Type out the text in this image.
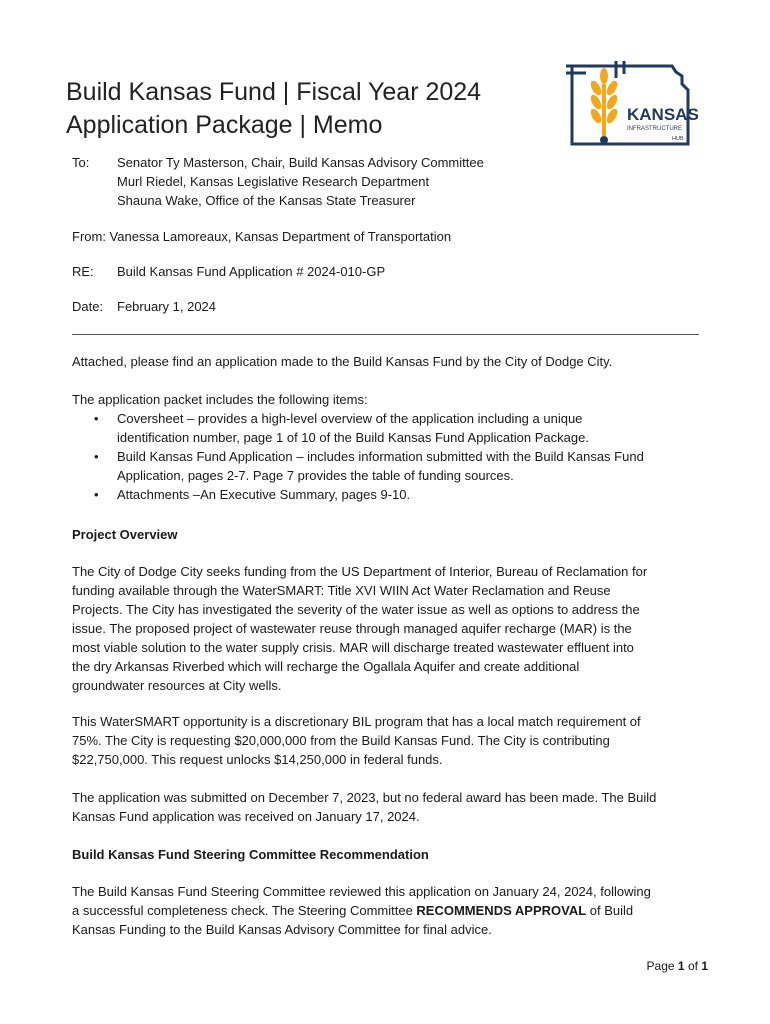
Build Kansas Fund | Fiscal Year 2024
Application Package | Memo	KANSAS
INFRASTRUCTURE
HUB
To: Senator Ty Masterson, Chair, Build Kansas Advisory Committee
Murl Riedel, Kansas Legislative Research Department
Shauna Wake, Office of the Kansas State Treasurer
From: Vanessa Lamoreaux, Kansas Department of Transportation
RE: Build Kansas Fund Application # 2024-010-GP
Date: February 1, 2024

Attached, please find an application made to the Build Kansas Fund by the City of Dodge City.

The application packet includes the following items:

• Coversheet – provides a high-level overview of the application including a unique
identification number, page 1 of 10 of the Build Kansas Fund Application Package.
• Build Kansas Fund Application – includes information submitted with the Build Kansas Fund
Application, pages 2-7. Page 7 provides the table of funding sources.
• Attachments –An Executive Summary, pages 9-10.
Project Overview
The City of Dodge City seeks funding from the US Department of Interior, Bureau of Reclamation for
funding available through the WaterSMART: Title XVI WIIN Act Water Reclamation and Reuse
Projects. The City has investigated the severity of the water issue as well as options to address the
issue. The proposed project of wastewater reuse through managed aquifer recharge (MAR) is the
most viable solution to the water supply crisis. MAR will discharge treated wastewater effluent into
the dry Arkansas Riverbed which will recharge the Ogallala Aquifer and create additional
groundwater resources at City wells.
This WaterSMART opportunity is a discretionary BIL program that has a local match requirement of
75%. The City is requesting $20,000,000 from the Build Kansas Fund. The City is contributing
$22,750,000. This request unlocks $14,250,000 in federal funds.
The application was submitted on December 7, 2023, but no federal award has been made. The Build
Kansas Fund application was received on January 17, 2024.
Build Kansas Fund Steering Committee Recommendation
The Build Kansas Fund Steering Committee reviewed this application on January 24, 2024, following
a successful completeness check. The Steering Committee RECOMMENDS APPROVAL of Build
Kansas Funding to the Build Kansas Advisory Committee for final advice.
Page 1 of 1
